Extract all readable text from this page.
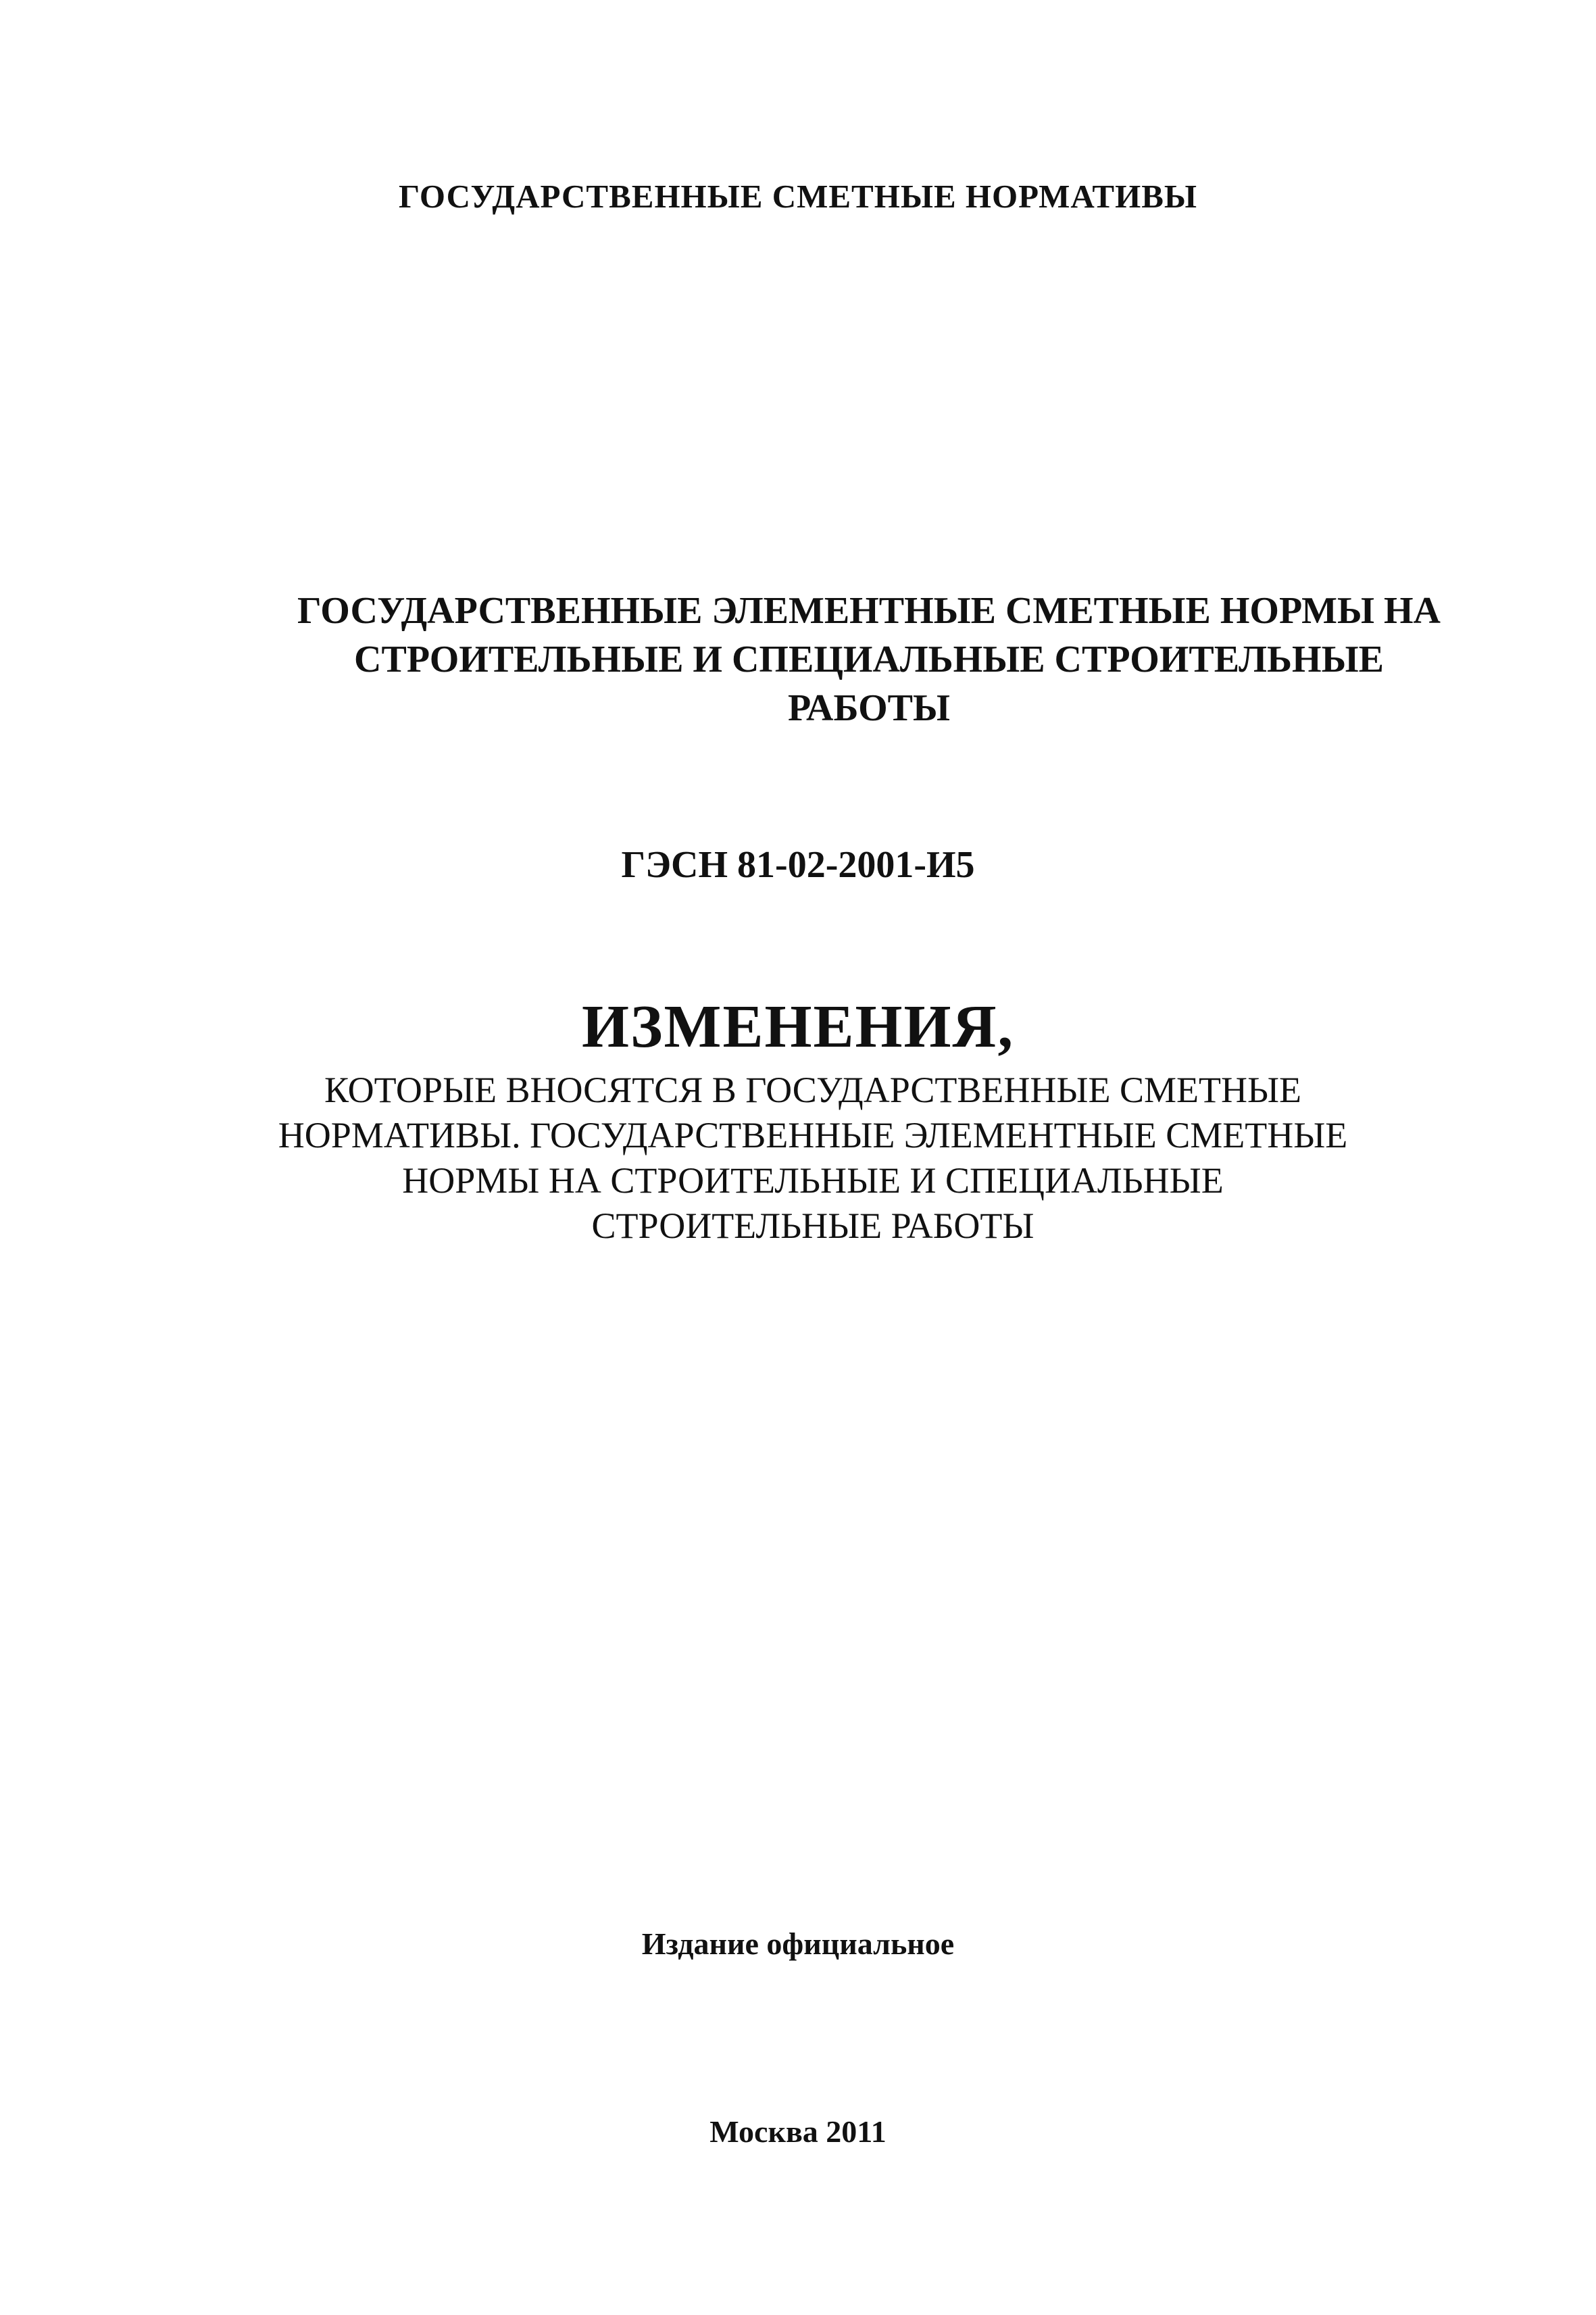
ГОСУДАРСТВЕННЫЕ СМЕТНЫЕ НОРМАТИВЫ
ГОСУДАРСТВЕННЫЕ ЭЛЕМЕНТНЫЕ СМЕТНЫЕ НОРМЫ НА
СТРОИТЕЛЬНЫЕ И СПЕЦИАЛЬНЫЕ СТРОИТЕЛЬНЫЕ
РАБОТЫ
ГЭСН 81-02-2001-И5
ИЗМЕНЕНИЯ,
КОТОРЫЕ ВНОСЯТСЯ В ГОСУДАРСТВЕННЫЕ СМЕТНЫЕ
НОРМАТИВЫ. ГОСУДАРСТВЕННЫЕ ЭЛЕМЕНТНЫЕ СМЕТНЫЕ
НОРМЫ НА СТРОИТЕЛЬНЫЕ И СПЕЦИАЛЬНЫЕ
СТРОИТЕЛЬНЫЕ РАБОТЫ
Издание официальное
Москва 2011
